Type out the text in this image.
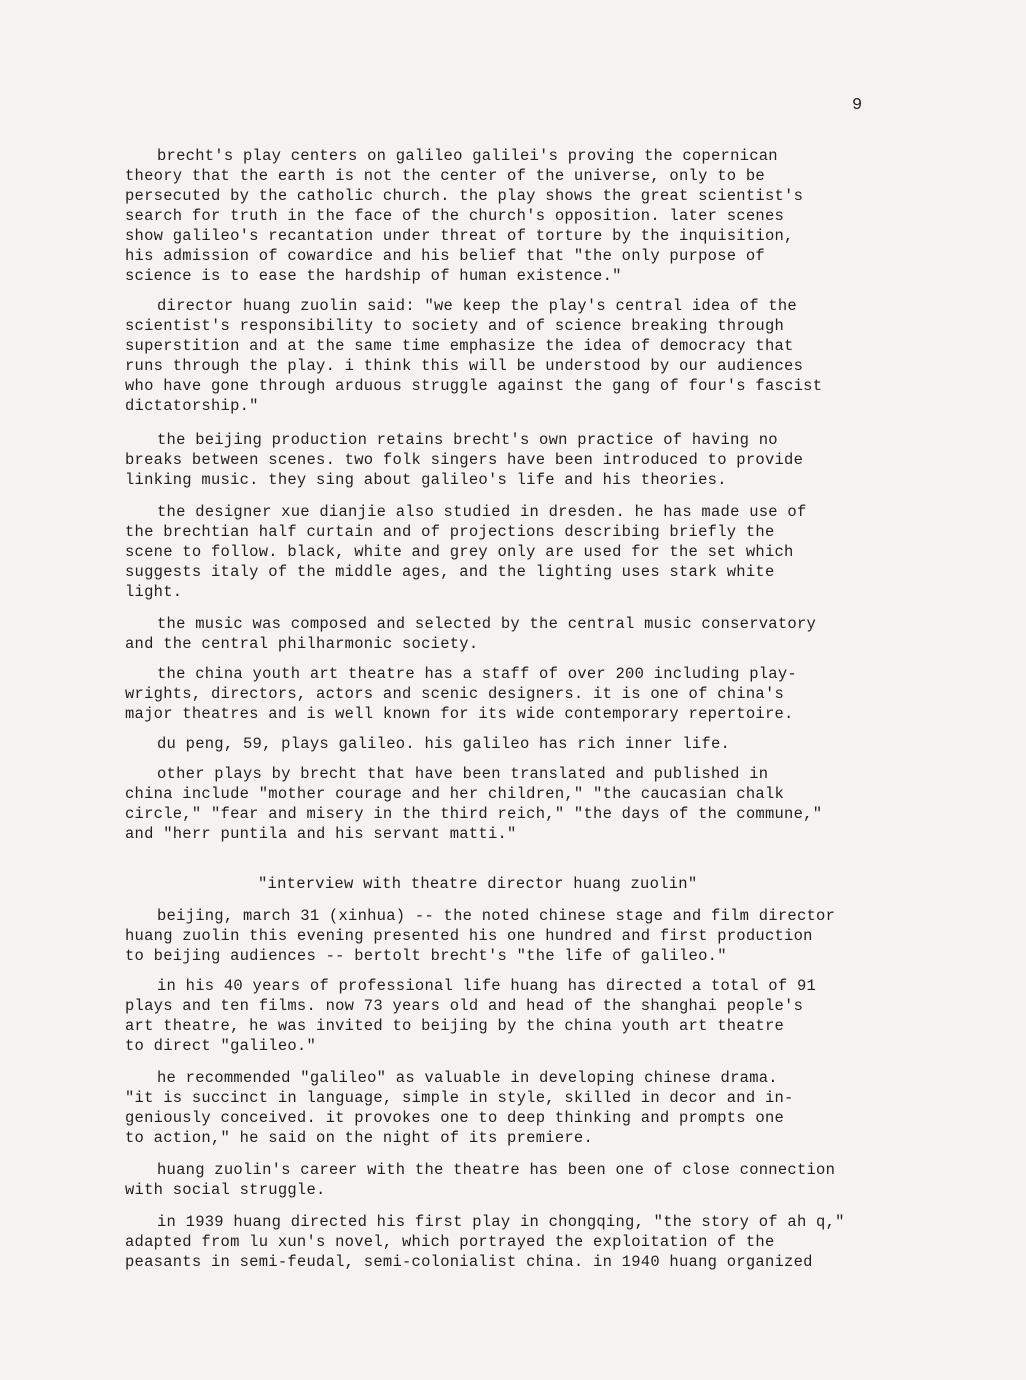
9

brecht's play centers on galileo galilei's proving the copernican

theory that the earth is not the center of the universe, only to be

persecuted by the catholic church. the play shows the great scientist's

search for truth in the face of the church's opposition. later scenes

show galileo's recantation under threat of torture by the inquisition,

his admission of cowardice and his belief that "the only purpose of

science is to ease the hardship of human existence."

director huang zuolin said: "we keep the play's central idea of the

scientist's responsibility to society and of science breaking through

superstition and at the same time emphasize the idea of democracy that

runs through the play. i think this will be understood by our audiences

who have gone through arduous struggle against the gang of four's fascist

dictatorship."

the beijing production retains brecht's own practice of having no

breaks between scenes. two folk singers have been introduced to provide

linking music. they sing about galileo's life and his theories.

the designer xue dianjie also studied in dresden. he has made use of

the brechtian half curtain and of projections describing briefly the

scene to follow. black, white and grey only are used for the set which

suggests italy of the middle ages, and the lighting uses stark white

light.

the music was composed and selected by the central music conservatory

and the central philharmonic society.

the china youth art theatre has a staff of over 200 including play-

wrights, directors, actors and scenic designers. it is one of china's

major theatres and is well known for its wide contemporary repertoire.

du peng, 59, plays galileo. his galileo has rich inner life.

other plays by brecht that have been translated and published in

china include "mother courage and her children," "the caucasian chalk

circle," "fear and misery in the third reich," "the days of the commune,"

and "herr puntila and his servant matti."

"interview with theatre director huang zuolin"

beijing, march 31 (xinhua) -- the noted chinese stage and film director

huang zuolin this evening presented his one hundred and first production

to beijing audiences -- bertolt brecht's "the life of galileo."

in his 40 years of professional life huang has directed a total of 91

plays and ten films. now 73 years old and head of the shanghai people's

art theatre, he was invited to beijing by the china youth art theatre

to direct "galileo."

he recommended "galileo" as valuable in developing chinese drama.

"it is succinct in language, simple in style, skilled in decor and in-

geniously conceived. it provokes one to deep thinking and prompts one

to action," he said on the night of its premiere.

huang zuolin's career with the theatre has been one of close connection

with social struggle.

in 1939 huang directed his first play in chongqing, "the story of ah q,"

adapted from lu xun's novel, which portrayed the exploitation of the

peasants in semi-feudal, semi-colonialist china. in 1940 huang organized
